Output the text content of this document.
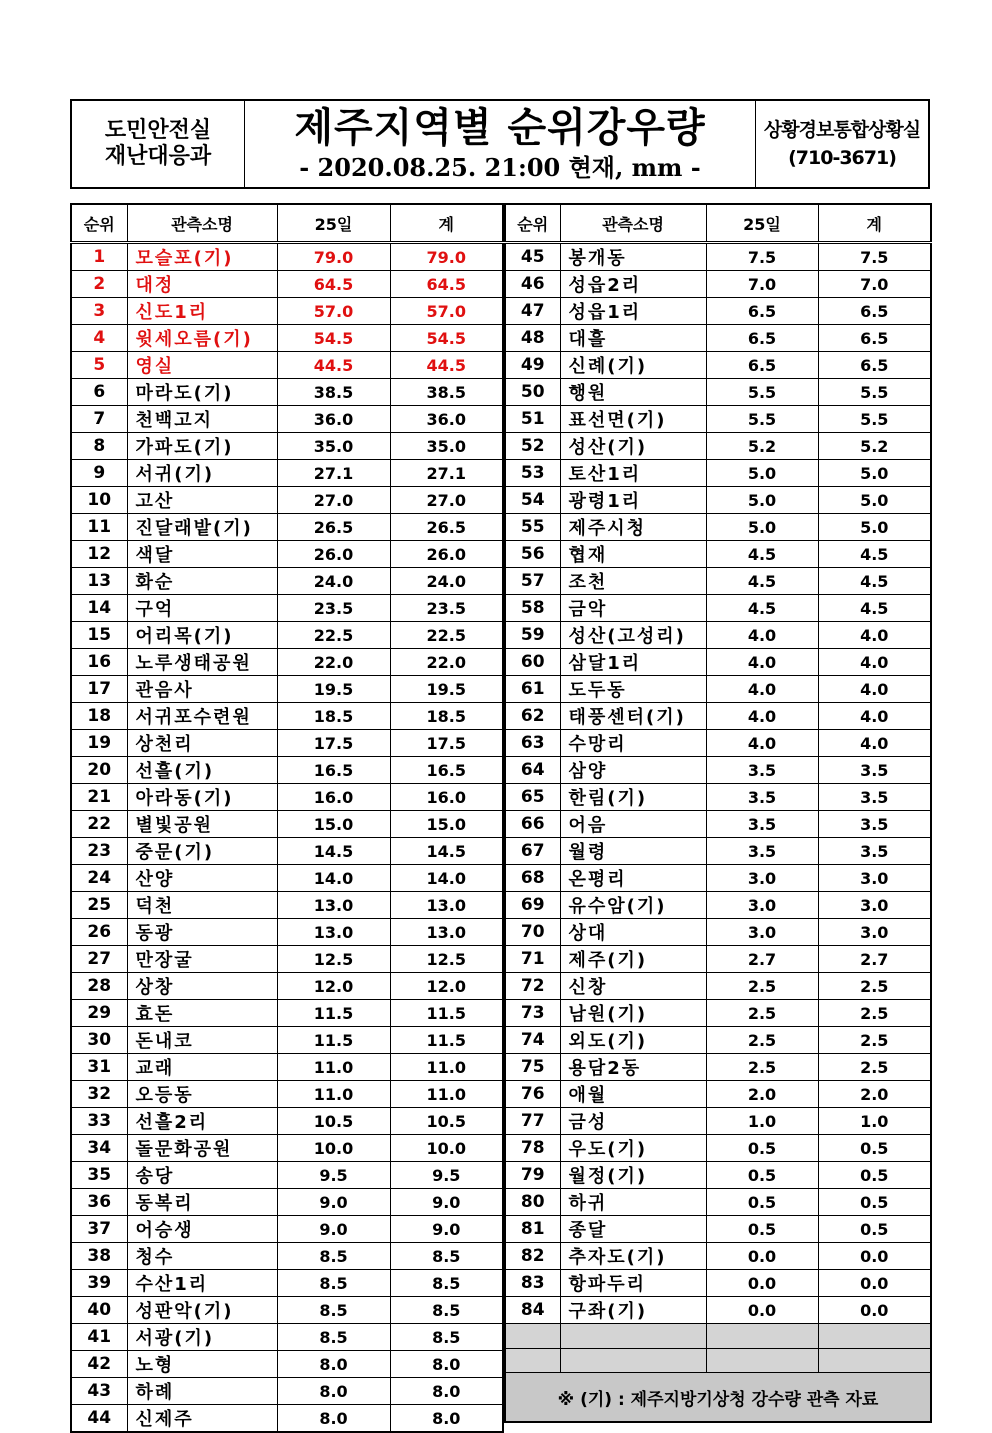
도민안전실
재난대응과
제주지역별 순위강우량
- 2020.08.25. 21:00 현재, mm -
상황경보통합상황실
(710-3671)
순위	관측소명	25일	계
1	모슬포(기)	79.0	79.0
2	대정	64.5	64.5
3	신도1리	57.0	57.0
4	윗세오름(기)	54.5	54.5
5	영실	44.5	44.5
6	마라도(기)	38.5	38.5
7	천백고지	36.0	36.0
8	가파도(기)	35.0	35.0
9	서귀(기)	27.1	27.1
10	고산	27.0	27.0
11	진달래밭(기)	26.5	26.5
12	색달	26.0	26.0
13	화순	24.0	24.0
14	구억	23.5	23.5
15	어리목(기)	22.5	22.5
16	노루생태공원	22.0	22.0
17	관음사	19.5	19.5
18	서귀포수련원	18.5	18.5
19	상천리	17.5	17.5
20	선흘(기)	16.5	16.5
21	아라동(기)	16.0	16.0
22	별빛공원	15.0	15.0
23	중문(기)	14.5	14.5
24	산양	14.0	14.0
25	덕천	13.0	13.0
26	동광	13.0	13.0
27	만장굴	12.5	12.5
28	상창	12.0	12.0
29	효돈	11.5	11.5
30	돈내코	11.5	11.5
31	교래	11.0	11.0
32	오등동	11.0	11.0
33	선흘2리	10.5	10.5
34	돌문화공원	10.0	10.0
35	송당	9.5	9.5
36	동복리	9.0	9.0
37	어승생	9.0	9.0
38	청수	8.5	8.5
39	수산1리	8.5	8.5
40	성판악(기)	8.5	8.5
41	서광(기)	8.5	8.5
42	노형	8.0	8.0
43	하례	8.0	8.0
44	신제주	8.0	8.0
순위	관측소명	25일	계
45	봉개동	7.5	7.5
46	성읍2리	7.0	7.0
47	성읍1리	6.5	6.5
48	대흘	6.5	6.5
49	신례(기)	6.5	6.5
50	행원	5.5	5.5
51	표선면(기)	5.5	5.5
52	성산(기)	5.2	5.2
53	토산1리	5.0	5.0
54	광령1리	5.0	5.0
55	제주시청	5.0	5.0
56	협재	4.5	4.5
57	조천	4.5	4.5
58	금악	4.5	4.5
59	성산(고성리)	4.0	4.0
60	삼달1리	4.0	4.0
61	도두동	4.0	4.0
62	태풍센터(기)	4.0	4.0
63	수망리	4.0	4.0
64	삼양	3.5	3.5
65	한림(기)	3.5	3.5
66	어음	3.5	3.5
67	월령	3.5	3.5
68	온평리	3.0	3.0
69	유수암(기)	3.0	3.0
70	상대	3.0	3.0
71	제주(기)	2.7	2.7
72	신창	2.5	2.5
73	남원(기)	2.5	2.5
74	외도(기)	2.5	2.5
75	용담2동	2.5	2.5
76	애월	2.0	2.0
77	금성	1.0	1.0
78	우도(기)	0.5	0.5
79	월정(기)	0.5	0.5
80	하귀	0.5	0.5
81	종달	0.5	0.5
82	추자도(기)	0.0	0.0
83	항파두리	0.0	0.0
84	구좌(기)	0.0	0.0

※ (기) : 제주지방기상청 강수량 관측 자료			
